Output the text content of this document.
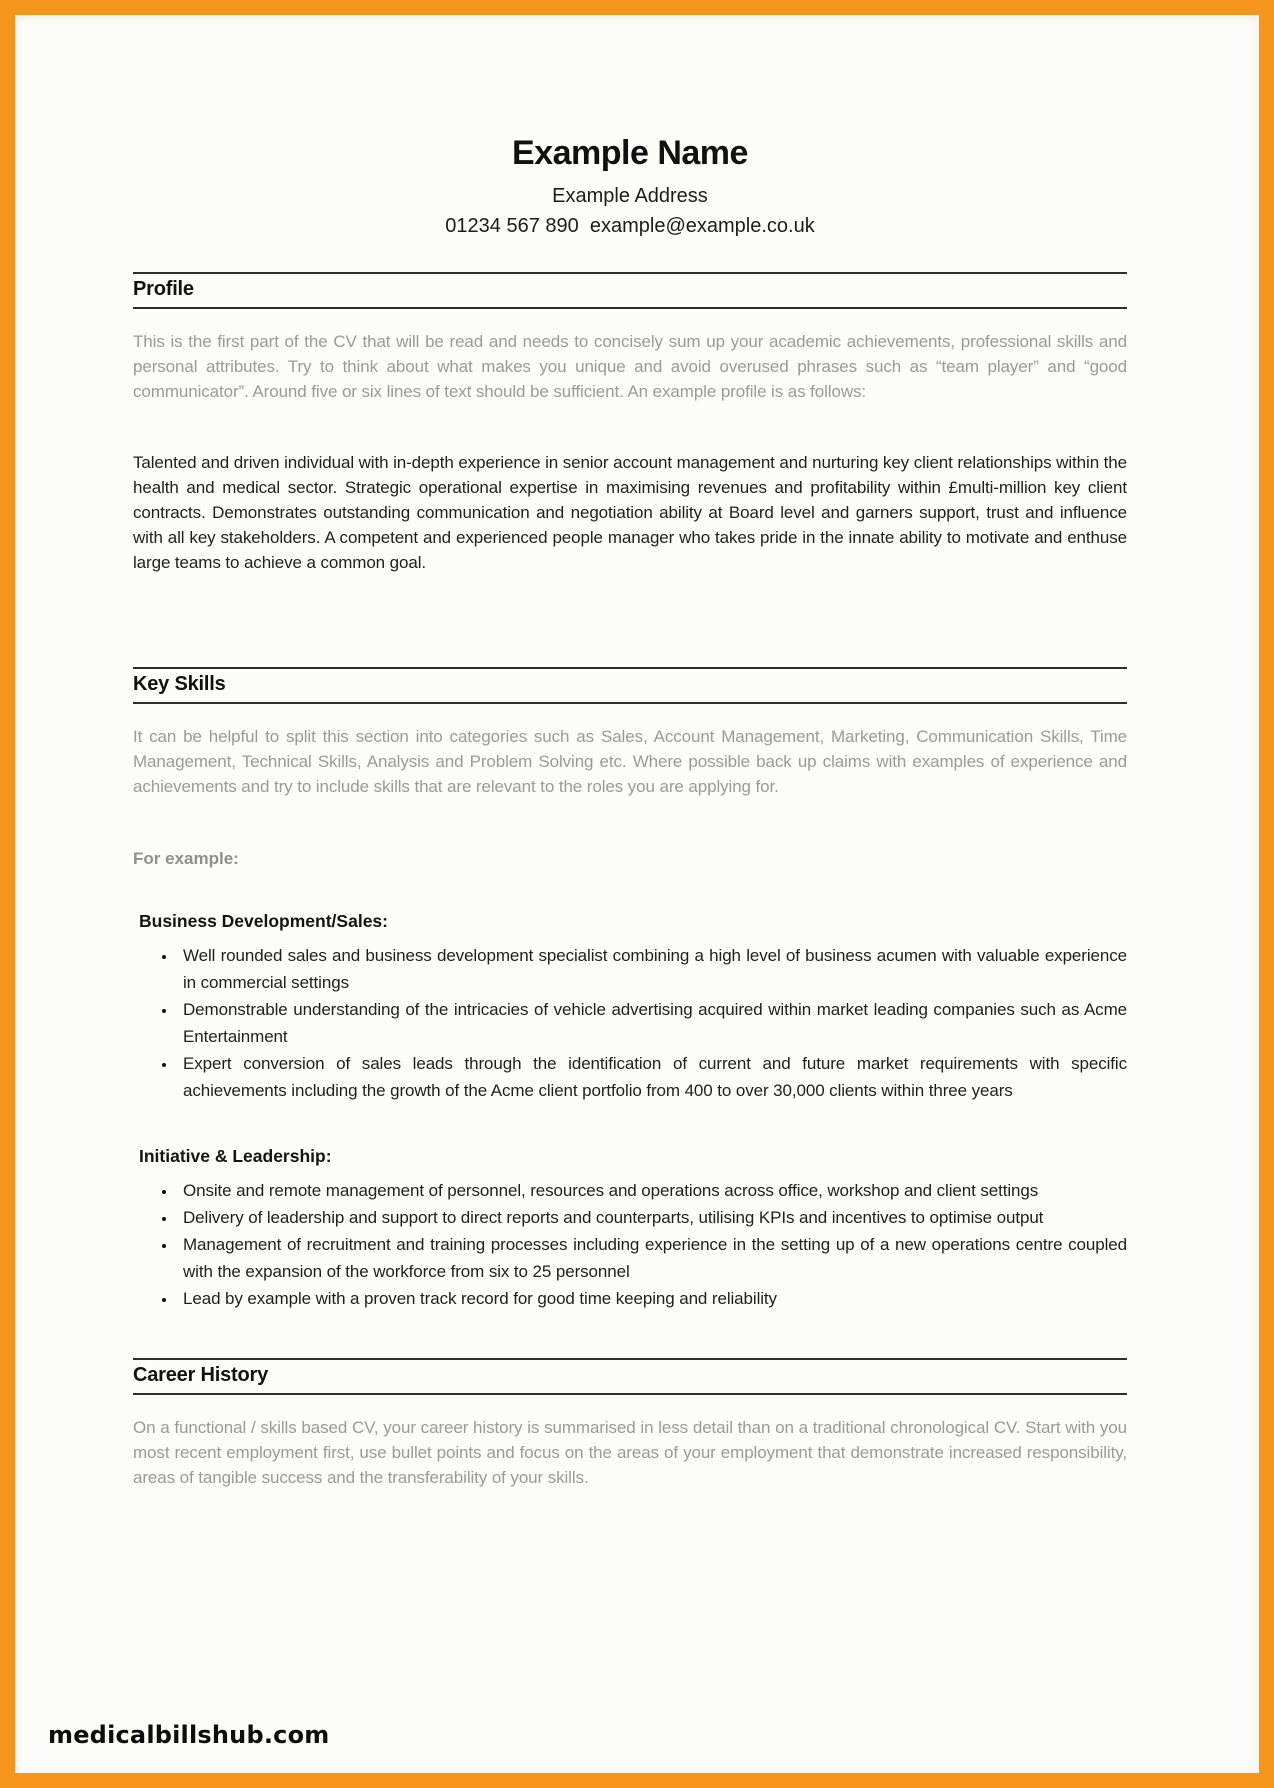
Example Name

Example Address

01234 567 890  example@example.co.uk

Profile

This is the first part of the CV that will be read and needs to concisely sum up your academic achievements, professional skills and personal attributes. Try to think about what makes you unique and avoid overused phrases such as “team player” and “good communicator”. Around five or six lines of text should be sufficient. An example profile is as follows:

Talented and driven individual with in-depth experience in senior account management and nurturing key client relationships within the health and medical sector. Strategic operational expertise in maximising revenues and profitability within £multi-million key client contracts. Demonstrates outstanding communication and negotiation ability at Board level and garners support, trust and influence with all key stakeholders. A competent and experienced people manager who takes pride in the innate ability to motivate and enthuse large teams to achieve a common goal.

Key Skills

It can be helpful to split this section into categories such as Sales, Account Management, Marketing, Communication Skills, Time Management, Technical Skills, Analysis and Problem Solving etc. Where possible back up claims with examples of experience and achievements and try to include skills that are relevant to the roles you are applying for.

For example:

Business Development/Sales:
• Well rounded sales and business development specialist combining a high level of business acumen with valuable experience in commercial settings
• Demonstrable understanding of the intricacies of vehicle advertising acquired within market leading companies such as Acme Entertainment
• Expert conversion of sales leads through the identification of current and future market requirements with specific achievements including the growth of the Acme client portfolio from 400 to over 30,000 clients within three years
Initiative & Leadership:
• Onsite and remote management of personnel, resources and operations across office, workshop and client settings
• Delivery of leadership and support to direct reports and counterparts, utilising KPIs and incentives to optimise output
• Management of recruitment and training processes including experience in the setting up of a new operations centre coupled with the expansion of the workforce from six to 25 personnel
• Lead by example with a proven track record for good time keeping and reliability
Career History

On a functional / skills based CV, your career history is summarised in less detail than on a traditional chronological CV. Start with you most recent employment first, use bullet points and focus on the areas of your employment that demonstrate increased responsibility, areas of tangible success and the transferability of your skills.

medicalbillshub.com
